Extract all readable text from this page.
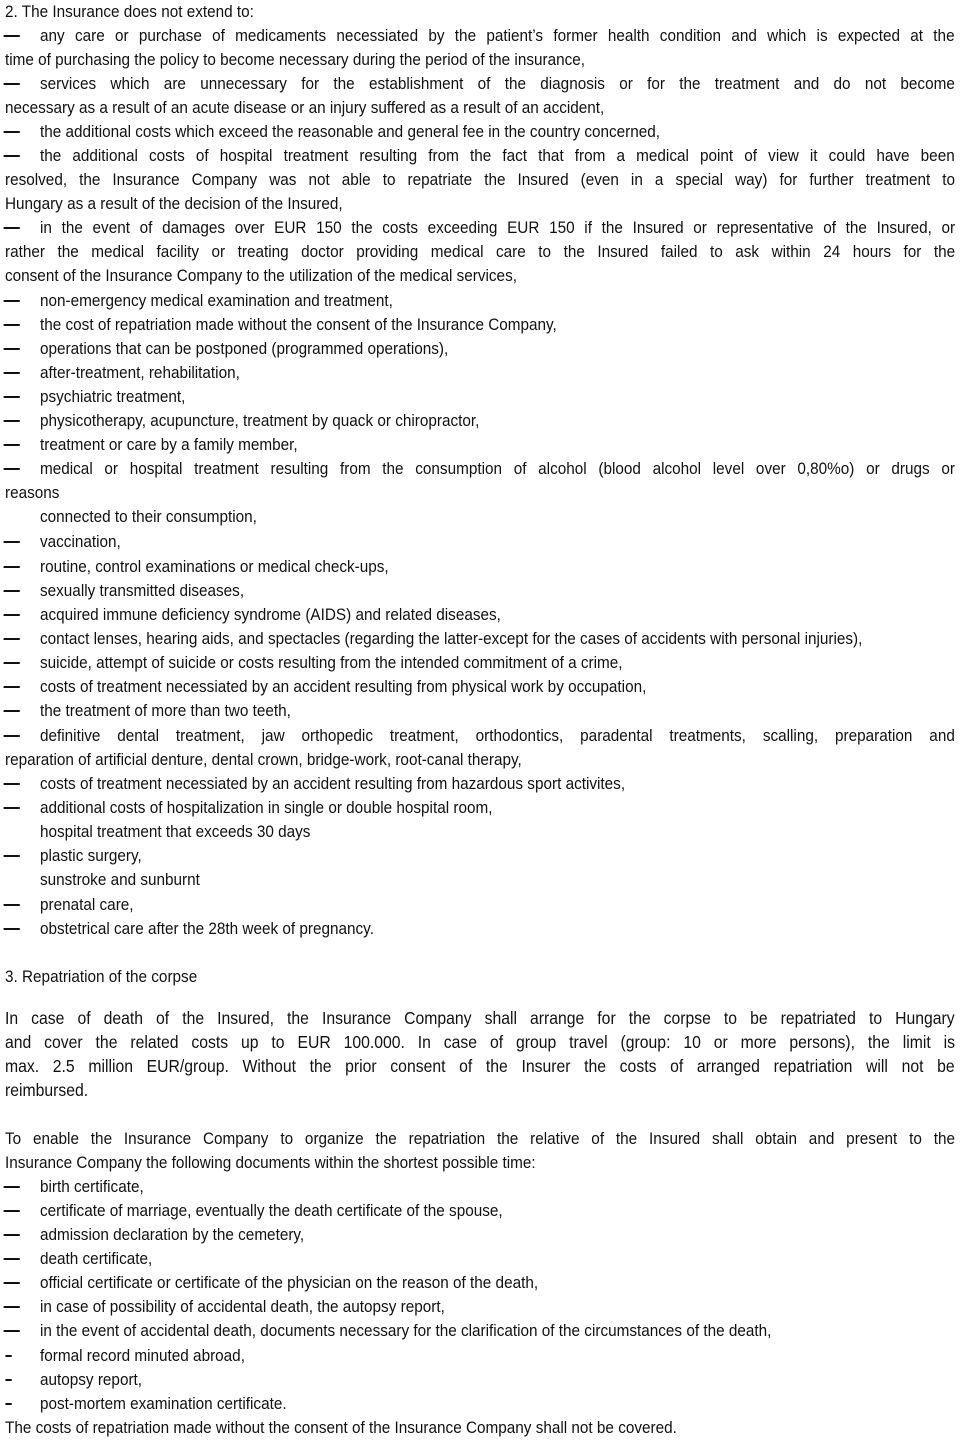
2. The Insurance does not extend to:
any care or purchase of medicaments necessiated by the patient’s former health condition and which is expected at the
time of purchasing the policy to become necessary during the period of the insurance,
services which are unnecessary for the establishment of the diagnosis or for the treatment and do not become
necessary as a result of an acute disease or an injury suffered as a result of an accident,
the additional costs which exceed the reasonable and general fee in the country concerned,
the additional costs of hospital treatment resulting from the fact that from a medical point of view it could have been
resolved, the Insurance Company was not able to repatriate the Insured (even in a special way) for further treatment to
Hungary as a result of the decision of the Insured,
in the event of damages over EUR 150 the costs exceeding EUR 150 if the Insured or representative of the Insured, or
rather the medical facility or treating doctor providing medical care to the Insured failed to ask within 24 hours for the
consent of the Insurance Company to the utilization of the medical services,
non-emergency medical examination and treatment,
the cost of repatriation made without the consent of the Insurance Company,
operations that can be postponed (programmed operations),
after-treatment, rehabilitation,
psychiatric treatment,
physicotherapy, acupuncture, treatment by quack or chiropractor,
treatment or care by a family member,
medical or hospital treatment resulting from the consumption of alcohol (blood alcohol level over 0,80%o) or drugs or
reasons
connected to their consumption,
vaccination,
routine, control examinations or medical check-ups,
sexually transmitted diseases,
acquired immune deficiency syndrome (AIDS) and related diseases,
contact lenses, hearing aids, and spectacles (regarding the latter-except for the cases of accidents with personal injuries),
suicide, attempt of suicide or costs resulting from the intended commitment of a crime,
costs of treatment necessiated by an accident resulting from physical work by occupation,
the treatment of more than two teeth,
definitive dental treatment, jaw orthopedic treatment, orthodontics, paradental treatments, scalling, preparation and
reparation of artificial denture, dental crown, bridge-work, root-canal therapy,
costs of treatment necessiated by an accident resulting from hazardous sport activites,
additional costs of hospitalization in single or double hospital room,
hospital treatment that exceeds 30 days
plastic surgery,
sunstroke and sunburnt
prenatal care,
obstetrical care after the 28th week of pregnancy.
3. Repatriation of the corpse
In case of death of the Insured, the Insurance Company shall arrange for the corpse to be repatriated to Hungary
and cover the related costs up to EUR 100.000. In case of group travel (group: 10 or more persons), the limit is
max. 2.5 million EUR/group. Without the prior consent of the Insurer the costs of arranged repatriation will not be
reimbursed.
To enable the Insurance Company to organize the repatriation the relative of the Insured shall obtain and present to the
Insurance Company the following documents within the shortest possible time:
birth certificate,
certificate of marriage, eventually the death certificate of the spouse,
admission declaration by the cemetery,
death certificate,
official certificate or certificate of the physician on the reason of the death,
in case of possibility of accidental death, the autopsy report,
in the event of accidental death, documents necessary for the clarification of the circumstances of the death,
formal record minuted abroad,
autopsy report,
post-mortem examination certificate.
The costs of repatriation made without the consent of the Insurance Company shall not be covered.
